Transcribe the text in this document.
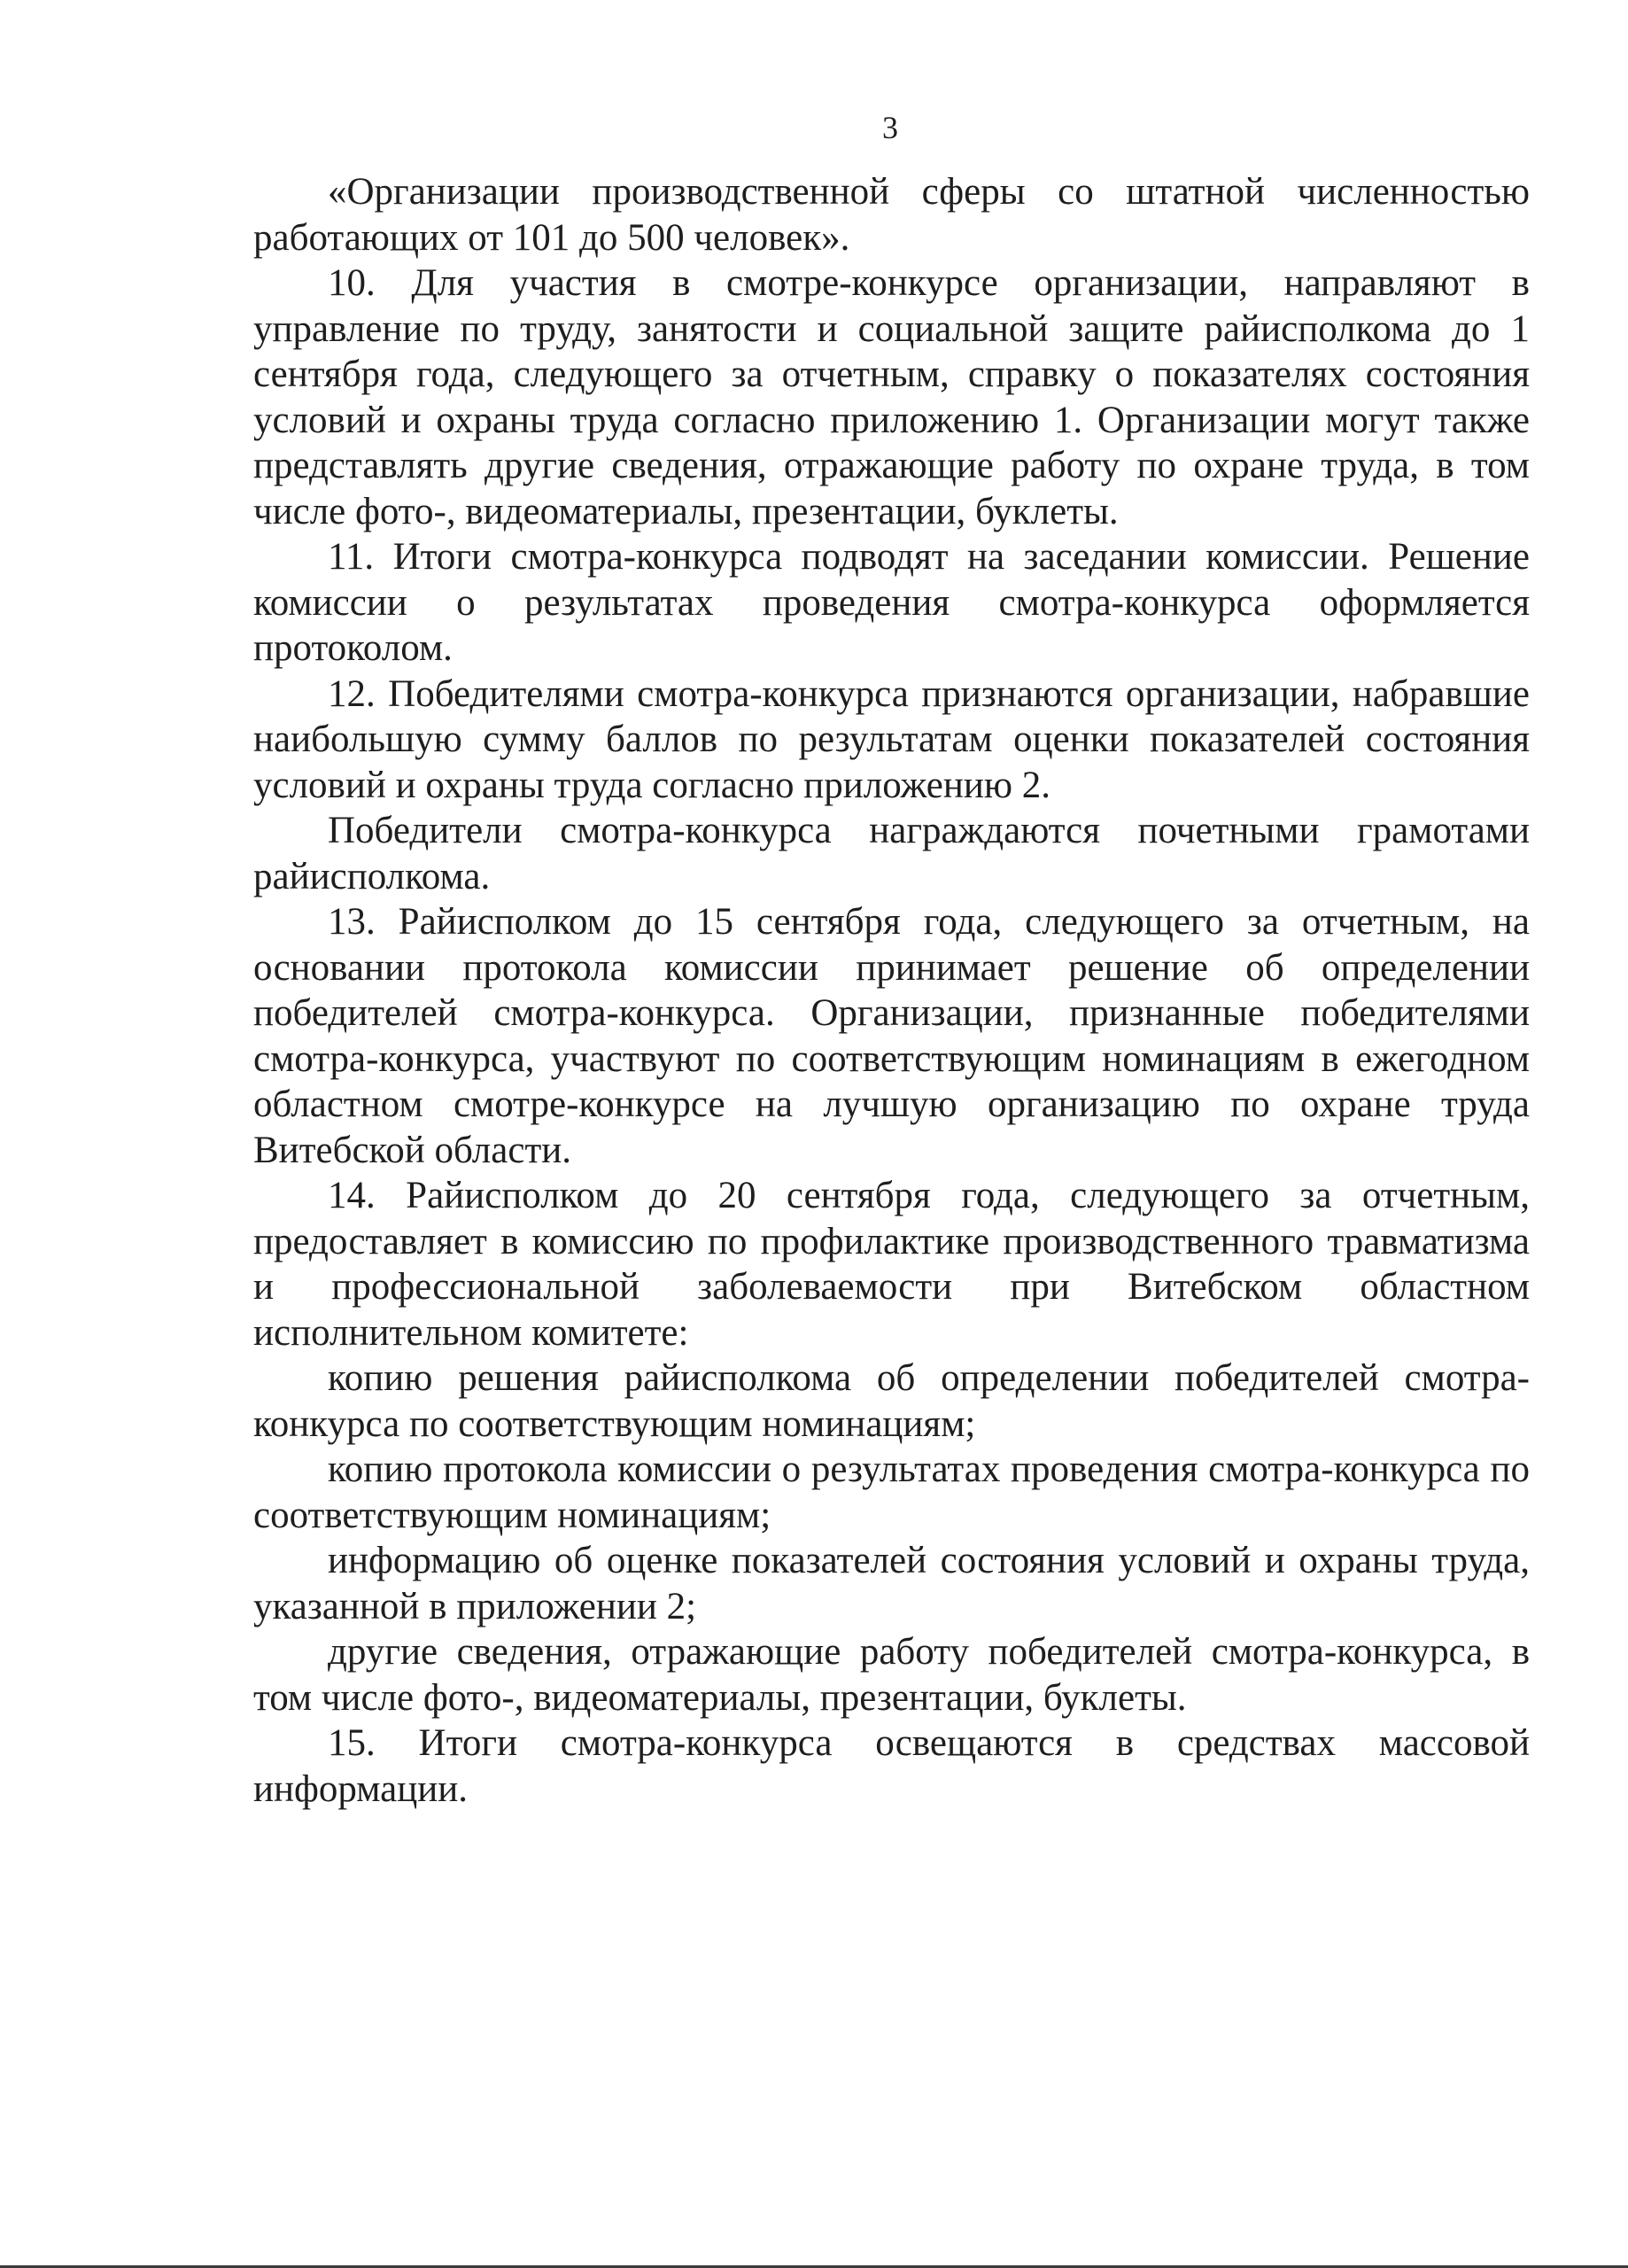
3

«Организации производственной сферы со штатной численностью работающих от 101 до 500 человек».

10. Для участия в смотре-конкурсе организации, направляют в управление по труду, занятости и социальной защите райисполкома до 1 сентября года, следующего за отчетным, справку о показателях состояния условий и охраны труда согласно приложению 1. Организации могут также представлять другие сведения, отражающие работу по охране труда, в том числе фото-, видеоматериалы, презентации, буклеты.

11. Итоги смотра-конкурса подводят на заседании комиссии. Решение комиссии о результатах проведения смотра-конкурса оформляется протоколом.

12. Победителями смотра-конкурса признаются организации, набравшие наибольшую сумму баллов по результатам оценки показателей состояния условий и охраны труда согласно приложению 2.

Победители смотра-конкурса награждаются почетными грамотами райисполкома.

13. Райисполком до 15 сентября года, следующего за отчетным, на основании протокола комиссии принимает решение об определении победителей смотра-конкурса. Организации, признанные победителями смотра-конкурса, участвуют по соответствующим номинациям в ежегодном областном смотре-конкурсе на лучшую организацию по охране труда Витебской области.

14. Райисполком до 20 сентября года, следующего за отчетным, предоставляет в комиссию по профилактике производственного травматизма и профессиональной заболеваемости при Витебском областном исполнительном комитете:

копию решения райисполкома об определении победителей смотра-конкурса по соответствующим номинациям;

копию протокола комиссии о результатах проведения смотра-конкурса по соответствующим номинациям;

информацию об оценке показателей состояния условий и охраны труда, указанной в приложении 2;

другие сведения, отражающие работу победителей смотра-конкурса, в том числе фото-, видеоматериалы, презентации, буклеты.

15. Итоги смотра-конкурса освещаются в средствах массовой информации.
